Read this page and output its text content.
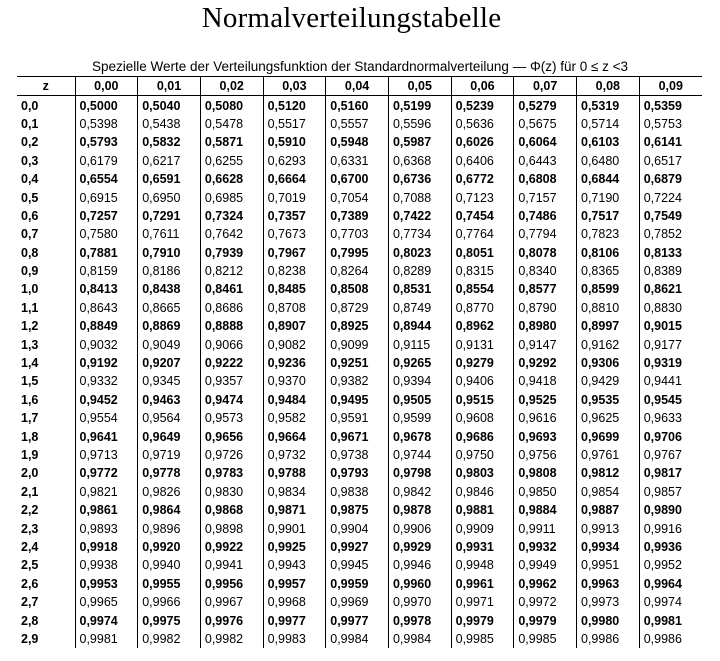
Normalverteilungstabelle
Spezielle Werte der Verteilungsfunktion der Standardnormalverteilung — Φ(z) für 0 ≤ z <3
z	0,00	0,01	0,02	0,03	0,04	0,05	0,06	0,07	0,08	0,09
0,0	0,5000	0,5040	0,5080	0,5120	0,5160	0,5199	0,5239	0,5279	0,5319	0,5359
0,1	0,5398	0,5438	0,5478	0,5517	0,5557	0,5596	0,5636	0,5675	0,5714	0,5753
0,2	0,5793	0,5832	0,5871	0,5910	0,5948	0,5987	0,6026	0,6064	0,6103	0,6141
0,3	0,6179	0,6217	0,6255	0,6293	0,6331	0,6368	0,6406	0,6443	0,6480	0,6517
0,4	0,6554	0,6591	0,6628	0,6664	0,6700	0,6736	0,6772	0,6808	0,6844	0,6879
0,5	0,6915	0,6950	0,6985	0,7019	0,7054	0,7088	0,7123	0,7157	0,7190	0,7224
0,6	0,7257	0,7291	0,7324	0,7357	0,7389	0,7422	0,7454	0,7486	0,7517	0,7549
0,7	0,7580	0,7611	0,7642	0,7673	0,7703	0,7734	0,7764	0,7794	0,7823	0,7852
0,8	0,7881	0,7910	0,7939	0,7967	0,7995	0,8023	0,8051	0,8078	0,8106	0,8133
0,9	0,8159	0,8186	0,8212	0,8238	0,8264	0,8289	0,8315	0,8340	0,8365	0,8389
1,0	0,8413	0,8438	0,8461	0,8485	0,8508	0,8531	0,8554	0,8577	0,8599	0,8621
1,1	0,8643	0,8665	0,8686	0,8708	0,8729	0,8749	0,8770	0,8790	0,8810	0,8830
1,2	0,8849	0,8869	0,8888	0,8907	0,8925	0,8944	0,8962	0,8980	0,8997	0,9015
1,3	0,9032	0,9049	0,9066	0,9082	0,9099	0,9115	0,9131	0,9147	0,9162	0,9177
1,4	0,9192	0,9207	0,9222	0,9236	0,9251	0,9265	0,9279	0,9292	0,9306	0,9319
1,5	0,9332	0,9345	0,9357	0,9370	0,9382	0,9394	0,9406	0,9418	0,9429	0,9441
1,6	0,9452	0,9463	0,9474	0,9484	0,9495	0,9505	0,9515	0,9525	0,9535	0,9545
1,7	0,9554	0,9564	0,9573	0,9582	0,9591	0,9599	0,9608	0,9616	0,9625	0,9633
1,8	0,9641	0,9649	0,9656	0,9664	0,9671	0,9678	0,9686	0,9693	0,9699	0,9706
1,9	0,9713	0,9719	0,9726	0,9732	0,9738	0,9744	0,9750	0,9756	0,9761	0,9767
2,0	0,9772	0,9778	0,9783	0,9788	0,9793	0,9798	0,9803	0,9808	0,9812	0,9817
2,1	0,9821	0,9826	0,9830	0,9834	0,9838	0,9842	0,9846	0,9850	0,9854	0,9857
2,2	0,9861	0,9864	0,9868	0,9871	0,9875	0,9878	0,9881	0,9884	0,9887	0,9890
2,3	0,9893	0,9896	0,9898	0,9901	0,9904	0,9906	0,9909	0,9911	0,9913	0,9916
2,4	0,9918	0,9920	0,9922	0,9925	0,9927	0,9929	0,9931	0,9932	0,9934	0,9936
2,5	0,9938	0,9940	0,9941	0,9943	0,9945	0,9946	0,9948	0,9949	0,9951	0,9952
2,6	0,9953	0,9955	0,9956	0,9957	0,9959	0,9960	0,9961	0,9962	0,9963	0,9964
2,7	0,9965	0,9966	0,9967	0,9968	0,9969	0,9970	0,9971	0,9972	0,9973	0,9974
2,8	0,9974	0,9975	0,9976	0,9977	0,9977	0,9978	0,9979	0,9979	0,9980	0,9981
2,9	0,9981	0,9982	0,9982	0,9983	0,9984	0,9984	0,9985	0,9985	0,9986	0,9986
